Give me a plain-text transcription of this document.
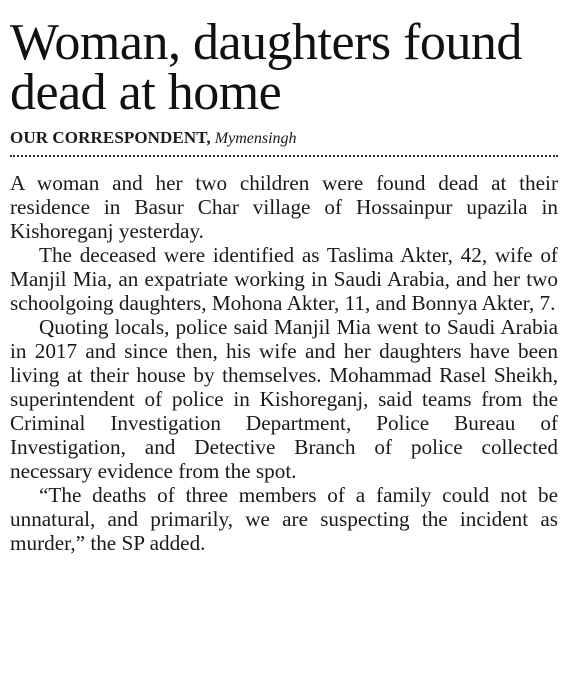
Woman, daughters found dead at home
OUR CORRESPONDENT, Mymensingh

A woman and her two children were found dead at their residence in Basur Char village of Hossainpur upazila in Kishoreganj yesterday.

The deceased were identified as Taslima Akter, 42, wife of Manjil Mia, an expatriate working in Saudi Arabia, and her two schoolgoing daughters, Mohona Akter, 11, and Bonnya Akter, 7.

Quoting locals, police said Manjil Mia went to Saudi Arabia in 2017 and since then, his wife and her daughters have been living at their house by themselves. Mohammad Rasel Sheikh, superintendent of police in Kishoreganj, said teams from the Criminal Investigation Department, Police Bureau of Investigation, and Detective Branch of police collected necessary evidence from the spot.

“The deaths of three members of a family could not be unnatural, and primarily, we are suspecting the incident as murder,” the SP added.
